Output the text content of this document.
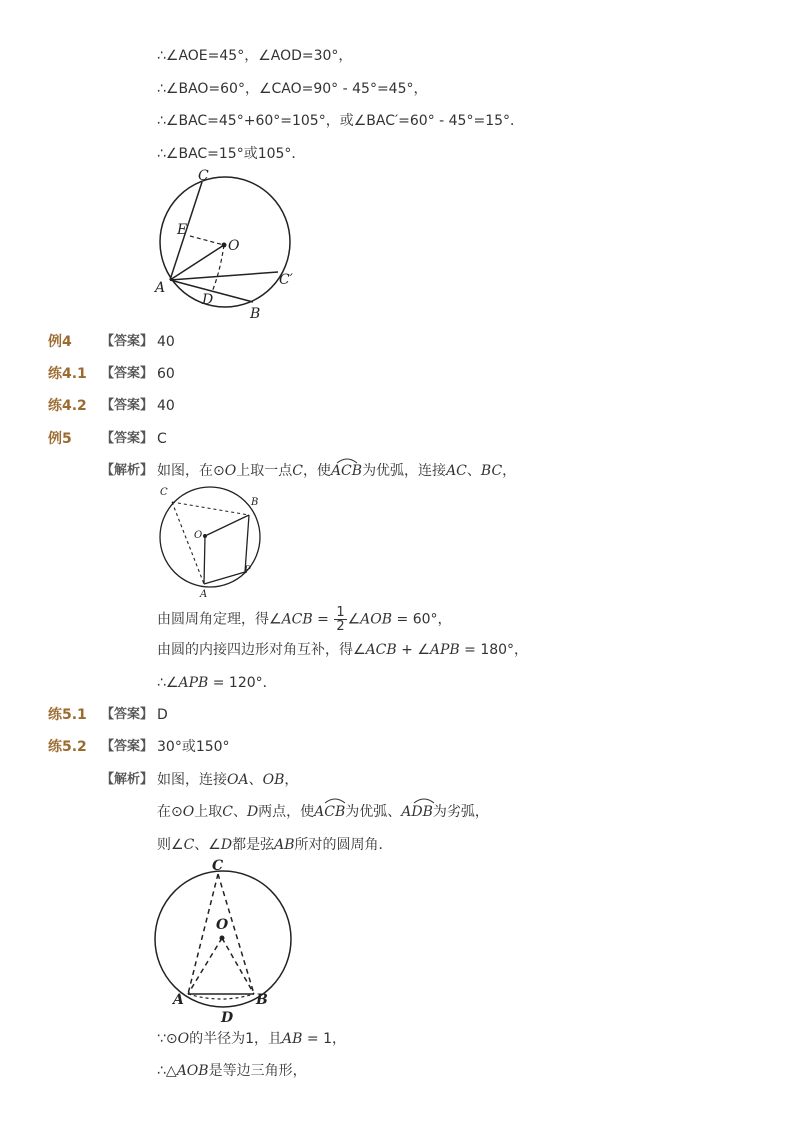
∴∠AOE=45°，∠AOD=30°，
∴∠BAO=60°，∠CAO=90° - 45°=45°，
∴∠BAC=45°+60°=105°，或∠BAC′=60° - 45°=15°．
∴∠BAC=15°或105°．
C
E
O
C′
A
D
B
例4 【答案】 40
练4.1 【答案】 60
练4.2 【答案】 40
例5 【答案】 C
【解析】 如图，在⊙O上取一点C，使ACB为优弧，连接AC、BC，
C
B
O
P
A
由圆周角定理，得∠ACB = $\frac{1}{2}$ ∠AOB = 60°，
由圆的内接四边形对角互补，得∠ACB + ∠APB = 180°，
∴∠APB = 120°．
练5.1 【答案】 D
练5.2 【答案】 30°或150°
【解析】 如图，连接OA、OB，
在⊙O上取C、D两点，使ACB为优弧、ADB为劣弧，
则∠C、∠D都是弦AB所对的圆周角．
C
O
A	B
D
∵⊙O的半径为1，且AB = 1，
∴△AOB是等边三角形，
